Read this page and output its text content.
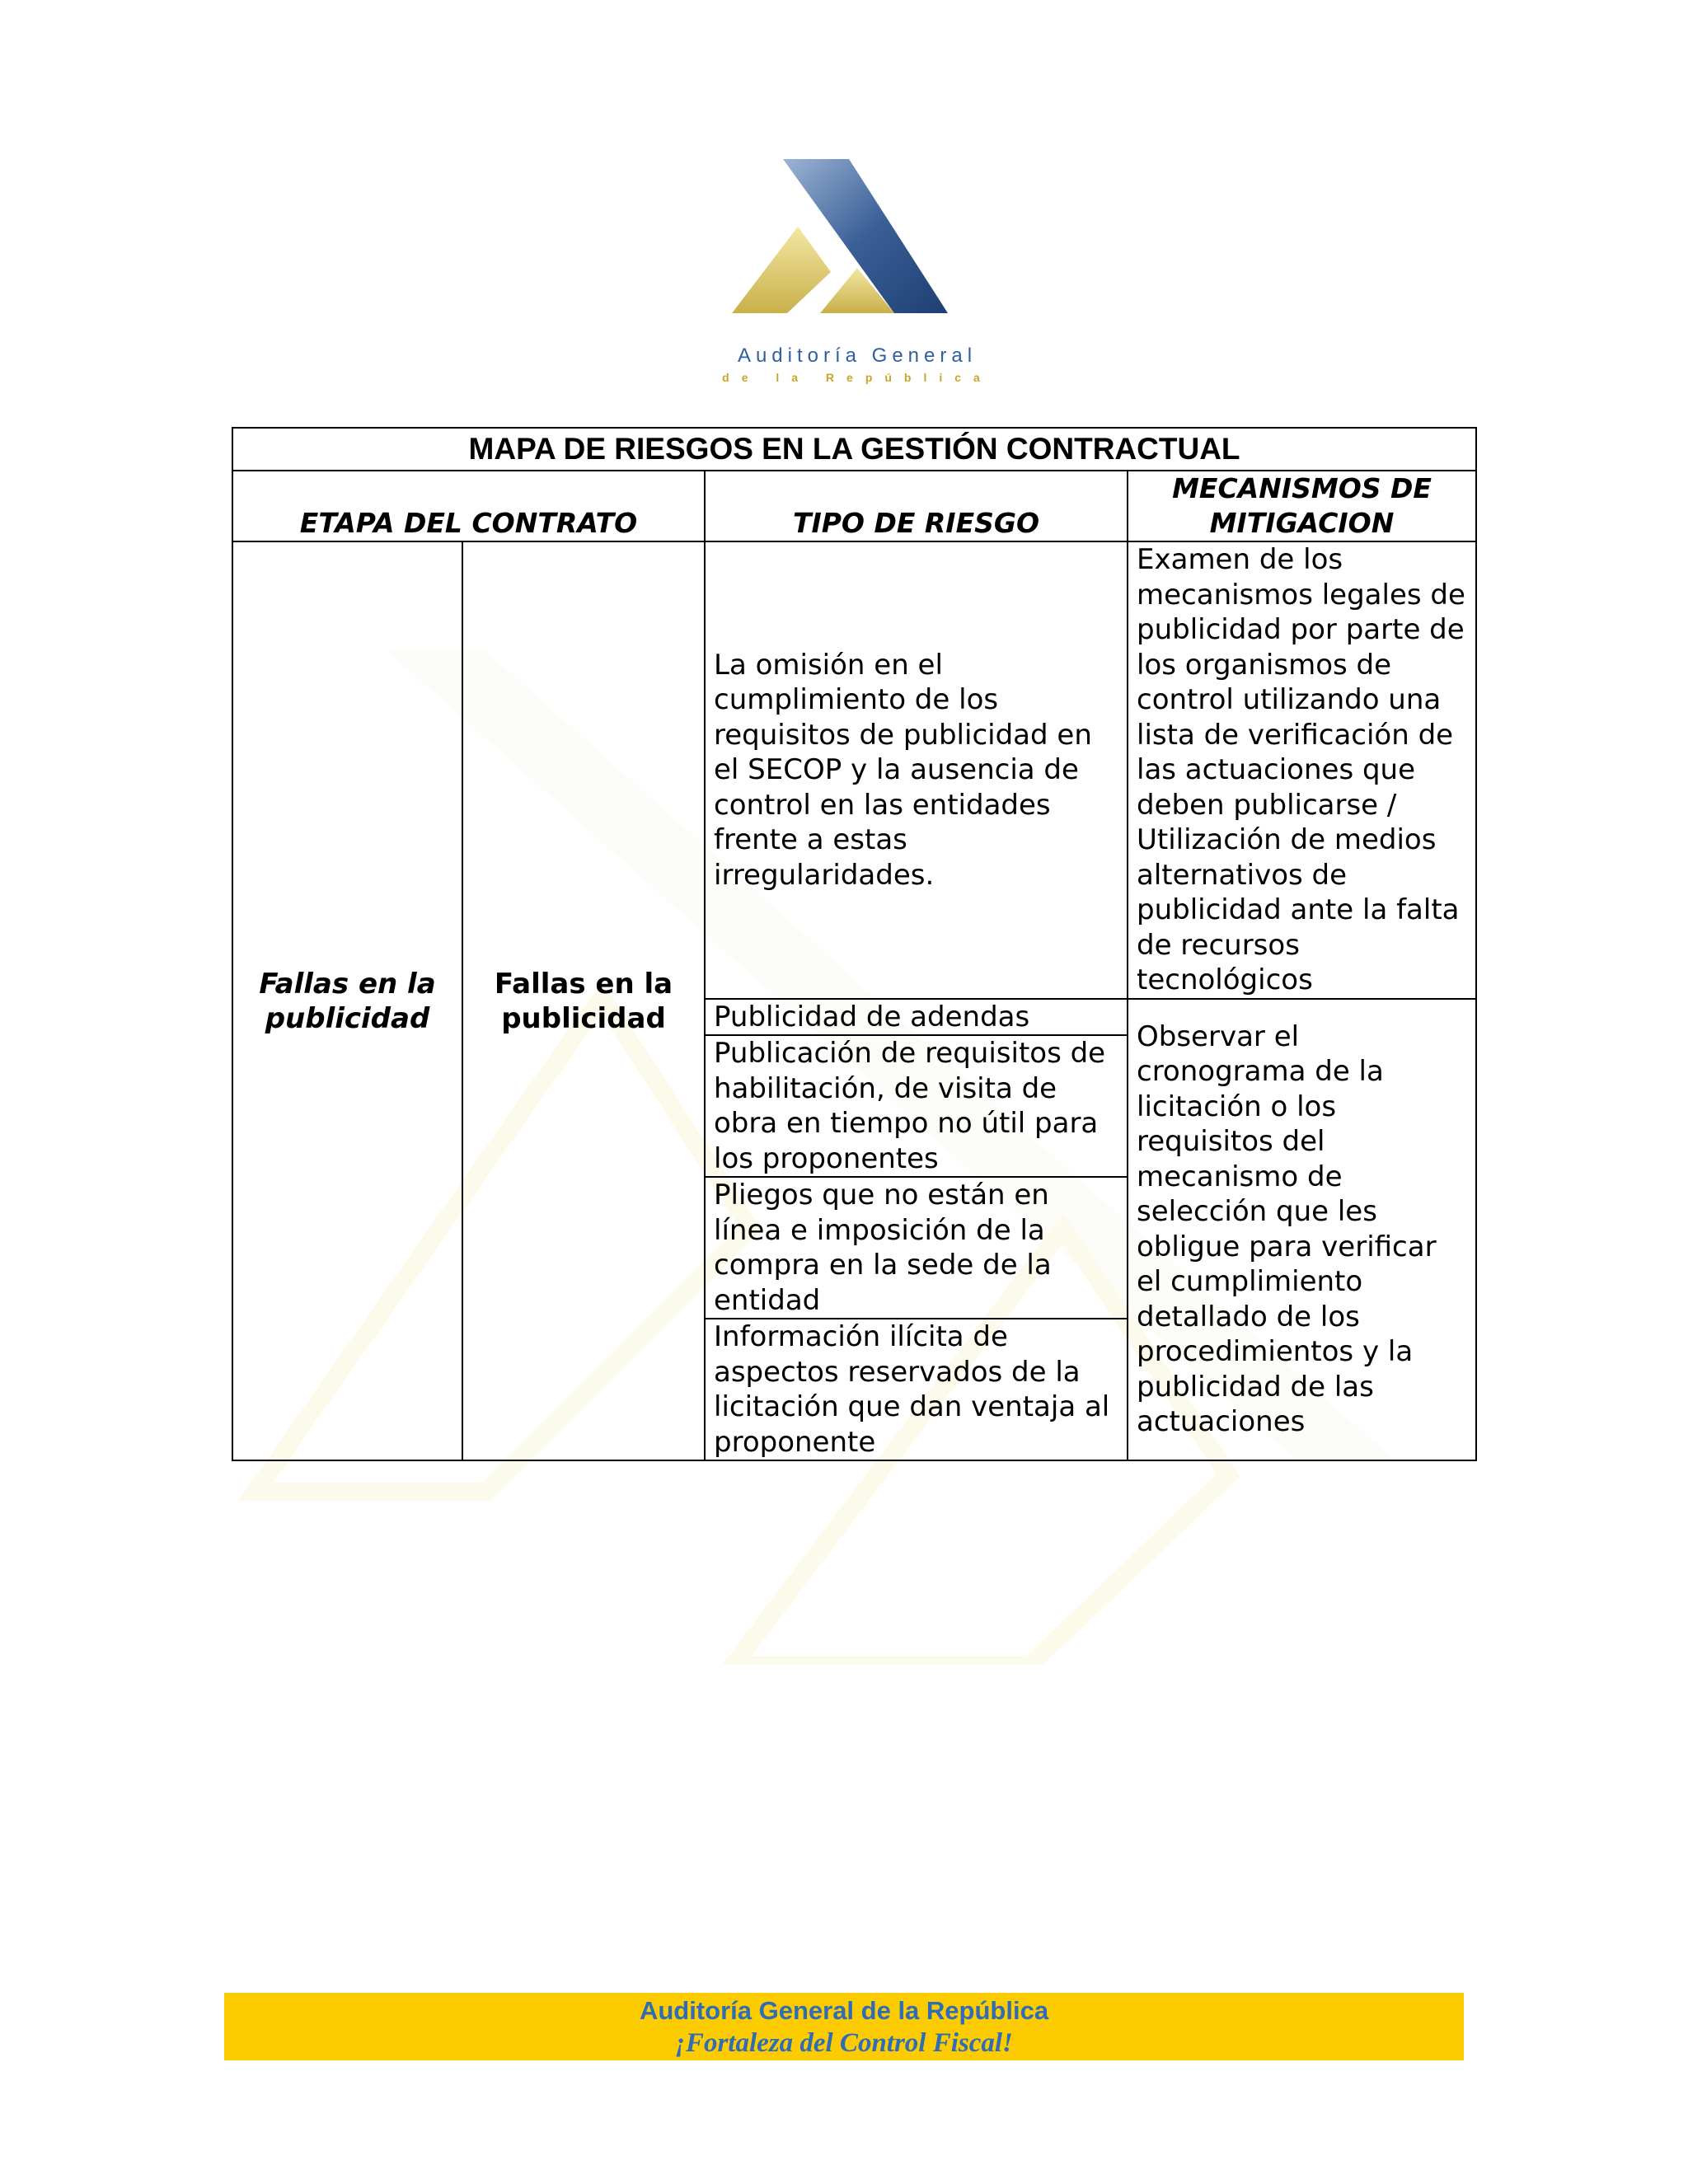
Auditoría General
de la República
MAPA DE RIESGOS EN LA GESTIÓN CONTRACTUAL			
ETAPA DEL CONTRATO		TIPO DE RIESGO	MECANISMOS DE MITIGACION
Fallas en la publicidad	Fallas en la publicidad	La omisión en el cumplimiento de los requisitos de publicidad en el SECOP y la ausencia de control en las entidades frente a estas irregularidades.	Examen de los mecanismos legales de publicidad por parte de los organismos de control utilizando una lista de verificación de las actuaciones que deben publicarse / Utilización de medios alternativos de publicidad ante la falta de recursos tecnológicos
		Publicidad de adendas	Observar el cronograma de la licitación o los requisitos del mecanismo de selección que les obligue para verificar el cumplimiento detallado de los procedimientos y la publicidad de las actuaciones
		Publicación de requisitos de habilitación, de visita de obra en tiempo no útil para los proponentes	
		Pliegos que no están en línea e imposición de la compra en la sede de la entidad	
		Información ilícita de aspectos reservados de la licitación que dan ventaja al proponente	
Auditoría General de la República
¡Fortaleza del Control Fiscal!
